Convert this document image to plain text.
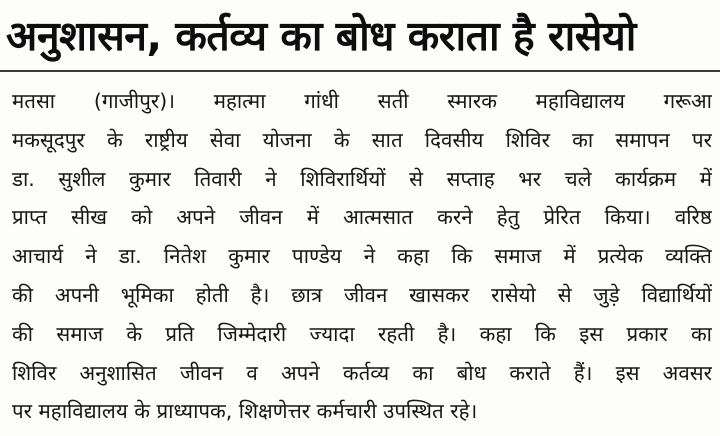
अनुशासन, कर्तव्य का बोध कराता है रासेयो
मतसा (गाजीपुर)। महात्मा गांधी सती स्मारक महाविद्यालय गरूआ
मकसूदपुर के राष्ट्रीय सेवा योजना के सात दिवसीय शिविर का समापन पर
डा. सुशील कुमार तिवारी ने शिविरार्थियों से सप्ताह भर चले कार्यक्रम में
प्राप्त सीख को अपने जीवन में आत्मसात करने हेतु प्रेरित किया। वरिष्ठ
आचार्य ने डा. नितेश कुमार पाण्डेय ने कहा कि समाज में प्रत्येक व्यक्ति
की अपनी भूमिका होती है। छात्र जीवन खासकर रासेयो से जुड़े विद्यार्थियों
की समाज के प्रति जिम्मेदारी ज्यादा रहती है। कहा कि इस प्रकार का
शिविर अनुशासित जीवन व अपने कर्तव्य का बोध कराते हैं। इस अवसर
पर महाविद्यालय के प्राध्यापक, शिक्षणेत्तर कर्मचारी उपस्थित रहे।
